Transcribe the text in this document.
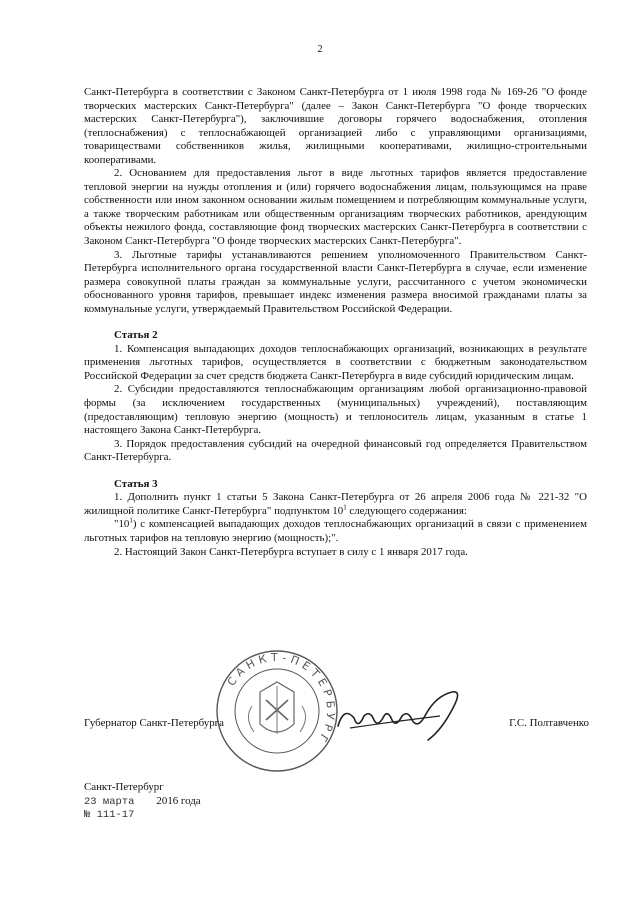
2

Санкт-Петербурга в соответствии с Законом Санкт-Петербурга от 1 июля 1998 года № 169-26 "О фонде творческих мастерских Санкт-Петербурга" (далее – Закон Санкт-Петербурга "О фонде творческих мастерских Санкт-Петербурга"), заключившие договоры горячего водоснабжения, отопления (теплоснабжения) с теплоснабжающей организацией либо с управляющими организациями, товариществами собственников жилья, жилищными кооперативами, жилищно-строительными кооперативами.

2. Основанием для предоставления льгот в виде льготных тарифов является предоставление тепловой энергии на нужды отопления и (или) горячего водоснабжения лицам, пользующимся на праве собственности или ином законном основании жилым помещением и потребляющим коммунальные услуги, а также творческим работникам или общественным организациям творческих работников, арендующим объекты нежилого фонда, составляющие фонд творческих мастерских Санкт-Петербурга в соответствии с Законом Санкт-Петербурга "О фонде творческих мастерских Санкт-Петербурга".

3. Льготные тарифы устанавливаются решением уполномоченного Правительством Санкт-Петербурга исполнительного органа государственной власти Санкт-Петербурга в случае, если изменение размера совокупной платы граждан за коммунальные услуги, рассчитанного с учетом экономически обоснованного уровня тарифов, превышает индекс изменения размера вносимой гражданами платы за коммунальные услуги, утверждаемый Правительством Российской Федерации.

Статья 2

1. Компенсация выпадающих доходов теплоснабжающих организаций, возникающих в результате применения льготных тарифов, осуществляется в соответствии с бюджетным законодательством Российской Федерации за счет средств бюджета Санкт-Петербурга в виде субсидий юридическим лицам.

2. Субсидии предоставляются теплоснабжающим организациям любой организационно-правовой формы (за исключением государственных (муниципальных) учреждений), поставляющим (предоставляющим) тепловую энергию (мощность) и теплоноситель лицам, указанным в статье 1 настоящего Закона Санкт-Петербурга.

3. Порядок предоставления субсидий на очередной финансовый год определяется Правительством Санкт-Петербурга.

Статья 3

1. Дополнить пункт 1 статьи 5 Закона Санкт-Петербурга от 26 апреля 2006 года № 221-32 "О жилищной политике Санкт-Петербурга" подпунктом $10^1$ следующего содержания:

"$10^1$) с компенсацией выпадающих доходов теплоснабжающих организаций в связи с применением льготных тарифов на тепловую энергию (мощность);".

2. Настоящий Закон Санкт-Петербурга вступает в силу с 1 января 2017 года.

САНКТ-ПЕТЕРБУРГ
Губернатор Санкт-Петербурга	Г.С. Полтавченко
Санкт-Петербург
23 марта 2016 года
№ 111-17
